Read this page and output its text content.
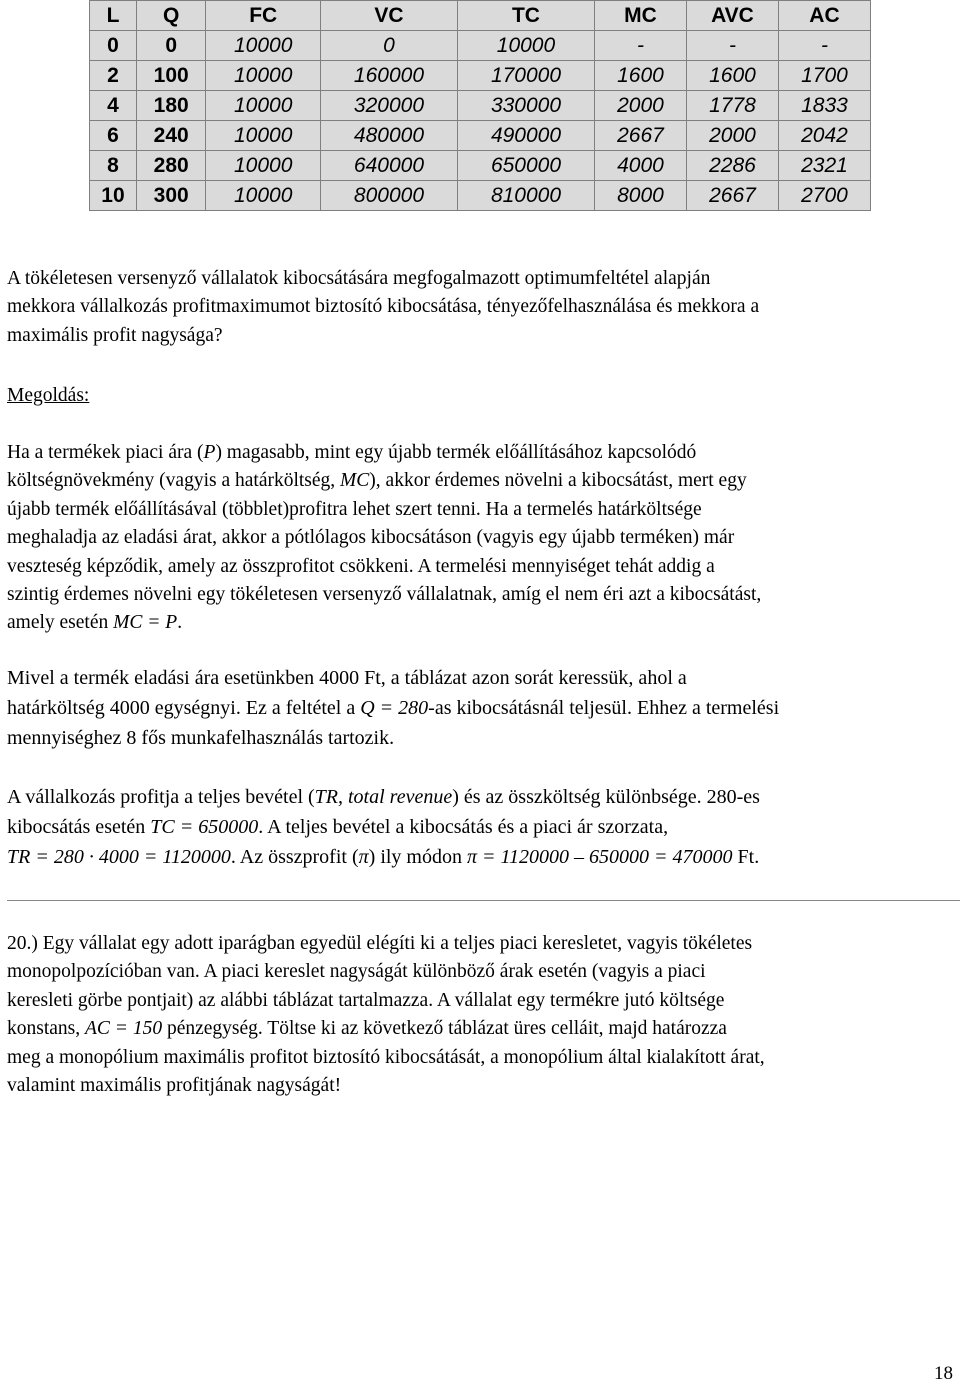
L	Q	FC	VC	TC	MC	AVC	AC
0	0	10000	0	10000	-	-	-
2	100	10000	160000	170000	1600	1600	1700
4	180	10000	320000	330000	2000	1778	1833
6	240	10000	480000	490000	2667	2000	2042
8	280	10000	640000	650000	4000	2286	2321
10	300	10000	800000	810000	8000	2667	2700
A tökéletesen versenyző vállalatok kibocsátására megfogalmazott optimumfeltétel alapján
mekkora vállalkozás profitmaximumot biztosító kibocsátása, tényezőfelhasználása és mekkora a
maximális profit nagysága?
Megoldás:
Ha a termékek piaci ára (P) magasabb, mint egy újabb termék előállításához kapcsolódó
költségnövekmény (vagyis a határköltség, MC), akkor érdemes növelni a kibocsátást, mert egy
újabb termék előállításával (többlet)profitra lehet szert tenni. Ha a termelés határköltsége
meghaladja az eladási árat, akkor a pótlólagos kibocsátáson (vagyis egy újabb terméken) már
veszteség képződik, amely az összprofitot csökkeni. A termelési mennyiséget tehát addig a
szintig érdemes növelni egy tökéletesen versenyző vállalatnak, amíg el nem éri azt a kibocsátást,
amely esetén MC = P.
Mivel a termék eladási ára esetünkben 4000 Ft, a táblázat azon sorát keressük, ahol a
határköltség 4000 egységnyi. Ez a feltétel a Q = 280-as kibocsátásnál teljesül. Ehhez a termelési
mennyiséghez 8 fős munkafelhasználás tartozik.
A vállalkozás profitja a teljes bevétel (TR, total revenue) és az összköltség különbsége. 280-es
kibocsátás esetén TC = 650000. A teljes bevétel a kibocsátás és a piaci ár szorzata,
TR = 280 · 4000 = 1120000. Az összprofit (π) ily módon π = 1120000 – 650000 = 470000 Ft.
20.) Egy vállalat egy adott iparágban egyedül elégíti ki a teljes piaci keresletet, vagyis tökéletes
monopolpozícióban van. A piaci kereslet nagyságát különböző árak esetén (vagyis a piaci
keresleti görbe pontjait) az alábbi táblázat tartalmazza. A vállalat egy termékre jutó költsége
konstans, AC = 150 pénzegység. Töltse ki az következő táblázat üres celláit, majd határozza
meg a monopólium maximális profitot biztosító kibocsátását, a monopólium által kialakított árat,
valamint maximális profitjának nagyságát!
18
